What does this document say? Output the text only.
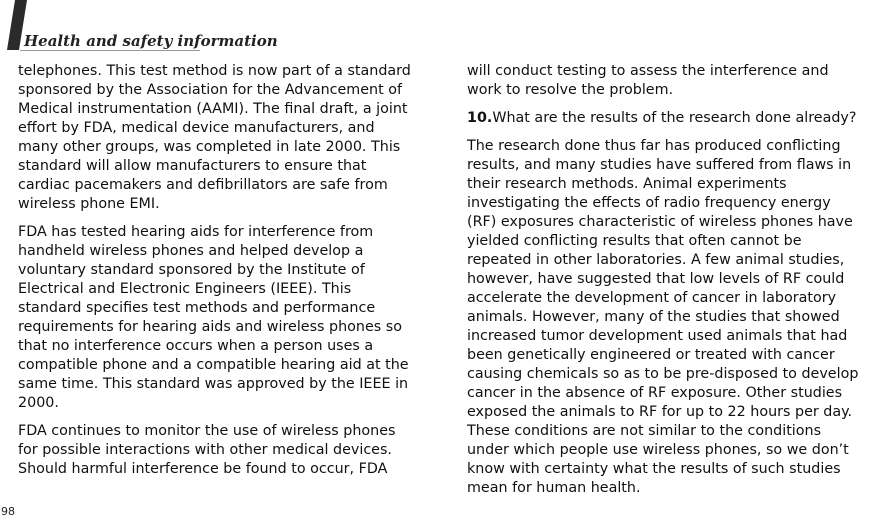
Health and safety information

telephones. This test method is now part of a standard
sponsored by the Association for the Advancement of
Medical instrumentation (AAMI). The final draft, a joint
effort by FDA, medical device manufacturers, and
many other groups, was completed in late 2000. This
standard will allow manufacturers to ensure that
cardiac pacemakers and defibrillators are safe from
wireless phone EMI.

FDA has tested hearing aids for interference from
handheld wireless phones and helped develop a
voluntary standard sponsored by the Institute of
Electrical and Electronic Engineers (IEEE). This
standard specifies test methods and performance
requirements for hearing aids and wireless phones so
that no interference occurs when a person uses a
compatible phone and a compatible hearing aid at the
same time. This standard was approved by the IEEE in
2000.

FDA continues to monitor the use of wireless phones
for possible interactions with other medical devices.
Should harmful interference be found to occur, FDA

will conduct testing to assess the interference and
work to resolve the problem.

10.What are the results of the research done already?

The research done thus far has produced conflicting
results, and many studies have suffered from flaws in
their research methods. Animal experiments
investigating the effects of radio frequency energy
(RF) exposures characteristic of wireless phones have
yielded conflicting results that often cannot be
repeated in other laboratories. A few animal studies,
however, have suggested that low levels of RF could
accelerate the development of cancer in laboratory
animals. However, many of the studies that showed
increased tumor development used animals that had
been genetically engineered or treated with cancer
causing chemicals so as to be pre-disposed to develop
cancer in the absence of RF exposure. Other studies
exposed the animals to RF for up to 22 hours per day.
These conditions are not similar to the conditions
under which people use wireless phones, so we don’t
know with certainty what the results of such studies
mean for human health.

98
